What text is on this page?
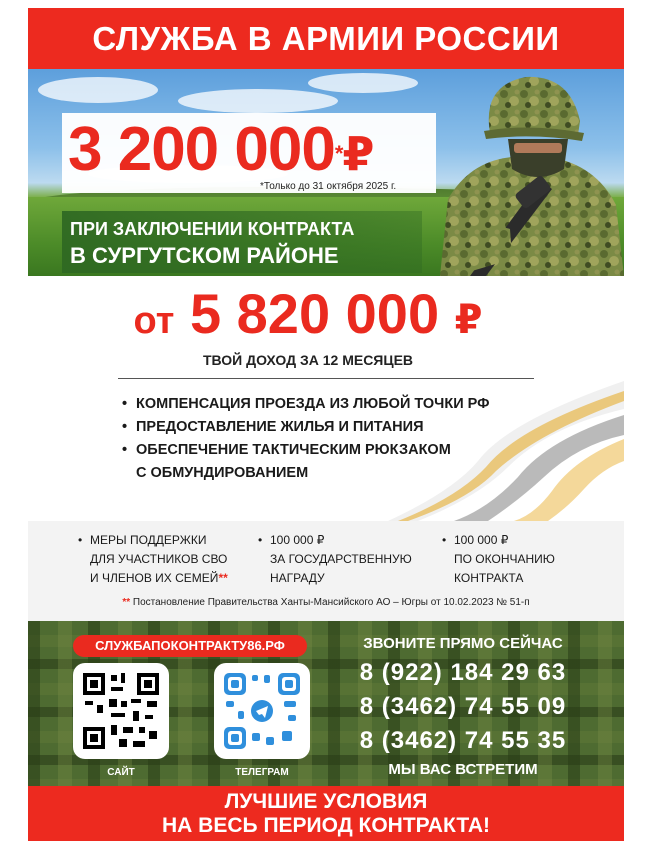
СЛУЖБА В АРМИИ РОССИИ
3 200 000*₽
*Только до 31 октября 2025 г.
ПРИ ЗАКЛЮЧЕНИИ КОНТРАКТА
В СУРГУТСКОМ РАЙОНЕ
от 5 820 000 ₽
ТВОЙ ДОХОД ЗА 12 МЕСЯЦЕВ
• КОМПЕНСАЦИЯ ПРОЕЗДА ИЗ ЛЮБОЙ ТОЧКИ РФ
• ПРЕДОСТАВЛЕНИЕ ЖИЛЬЯ И ПИТАНИЯ
• ОБЕСПЕЧЕНИЕ ТАКТИЧЕСКИМ РЮКЗАКОМ
С ОБМУНДИРОВАНИЕМ
• МЕРЫ ПОДДЕРЖКИ
ДЛЯ УЧАСТНИКОВ СВО
И ЧЛЕНОВ ИХ СЕМЕЙ**
• 100 000 ₽
ЗА ГОСУДАРСТВЕННУЮ
НАГРАДУ
• 100 000 ₽
ПО ОКОНЧАНИЮ
КОНТРАКТА
** Постановление Правительства Ханты-Мансийского АО – Югры от 10.02.2023 № 51-п
СЛУЖБАПОКОНТРАКТУ86.РФ
САЙТ	ТЕЛЕГРАМ
ЗВОНИТЕ ПРЯМО СЕЙЧАС
8 (922) 184 29 63
8 (3462) 74 55 09
8 (3462) 74 55 35
МЫ ВАС ВСТРЕТИМ
ЛУЧШИЕ УСЛОВИЯ
НА ВЕСЬ ПЕРИОД КОНТРАКТА!
